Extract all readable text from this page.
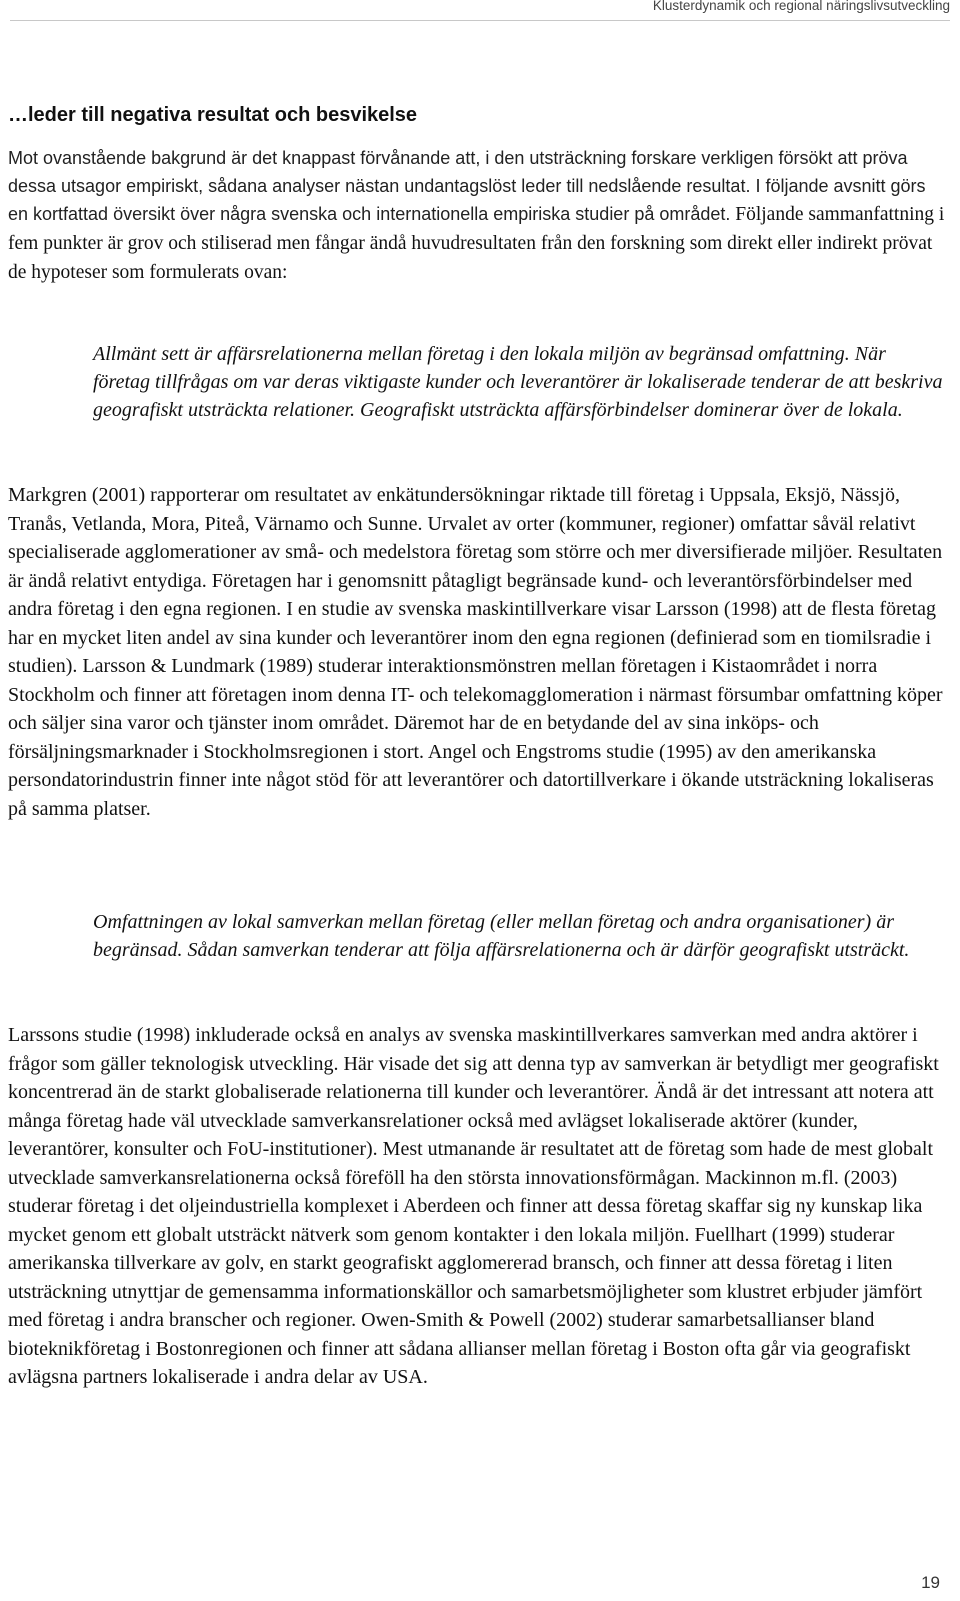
Klusterdynamik och regional näringslivsutveckling
…leder till negativa resultat och besvikelse

Mot ovanstående bakgrund är det knappast förvånande att, i den utsträckning forskare verkligen försökt att pröva dessa utsagor empiriskt, sådana analyser nästan undantagslöst leder till nedslående resultat. I följande avsnitt görs en kortfattad översikt över några svenska och internationella empiriska studier på området. Följande sammanfattning i fem punkter är grov och stiliserad men fångar ändå huvudresultaten från den forskning som direkt eller indirekt prövat de hypoteser som formulerats ovan:

Allmänt sett är affärsrelationerna mellan företag i den lokala miljön av begränsad omfattning. När företag tillfrågas om var deras viktigaste kunder och leverantörer är lokaliserade tenderar de att beskriva geografiskt utsträckta relationer. Geografiskt utsträckta affärsförbindelser dominerar över de lokala.

Markgren (2001) rapporterar om resultatet av enkätundersökningar riktade till företag i Uppsala, Eksjö, Nässjö, Tranås, Vetlanda, Mora, Piteå, Värnamo och Sunne. Urvalet av orter (kommuner, regioner) omfattar såväl relativt specialiserade agglomerationer av små- och medelstora företag som större och mer diversifierade miljöer. Resultaten är ändå relativt entydiga. Företagen har i genomsnitt påtagligt begränsade kund- och leverantörsförbindelser med andra företag i den egna regionen. I en studie av svenska maskintillverkare visar Larsson (1998) att de flesta företag har en mycket liten andel av sina kunder och leverantörer inom den egna regionen (definierad som en tiomilsradie i studien). Larsson & Lundmark (1989) studerar interaktionsmönstren mellan företagen i Kistaområdet i norra Stockholm och finner att företagen inom denna IT- och telekomagglomeration i närmast försumbar omfattning köper och säljer sina varor och tjänster inom området. Däremot har de en betydande del av sina inköps- och försäljningsmarknader i Stockholmsregionen i stort. Angel och Engstroms studie (1995) av den amerikanska persondatorindustrin finner inte något stöd för att leverantörer och datortillverkare i ökande utsträckning lokaliseras på samma platser.

Omfattningen av lokal samverkan mellan företag (eller mellan företag och andra organisationer) är begränsad. Sådan samverkan tenderar att följa affärsrelationerna och är därför geografiskt utsträckt.

Larssons studie (1998) inkluderade också en analys av svenska maskintillverkares samverkan med andra aktörer i frågor som gäller teknologisk utveckling. Här visade det sig att denna typ av samverkan är betydligt mer geografiskt koncentrerad än de starkt globaliserade relationerna till kunder och leverantörer. Ändå är det intressant att notera att många företag hade väl utvecklade samverkansrelationer också med avlägset lokaliserade aktörer (kunder, leverantörer, konsulter och FoU-institutioner). Mest utmanande är resultatet att de företag som hade de mest globalt utvecklade samverkansrelationerna också föreföll ha den största innovationsförmågan. Mackinnon m.fl. (2003) studerar företag i det oljeindustriella komplexet i Aberdeen och finner att dessa företag skaffar sig ny kunskap lika mycket genom ett globalt utsträckt nätverk som genom kontakter i den lokala miljön. Fuellhart (1999) studerar amerikanska tillverkare av golv, en starkt geografiskt agglomererad bransch, och finner att dessa företag i liten utsträckning utnyttjar de gemensamma informationskällor och samarbetsmöjligheter som klustret erbjuder jämfört med företag i andra branscher och regioner. Owen-Smith & Powell (2002) studerar samarbetsallianser bland bioteknikföretag i Bostonregionen och finner att sådana allianser mellan företag i Boston ofta går via geografiskt avlägsna partners lokaliserade i andra delar av USA.

19
